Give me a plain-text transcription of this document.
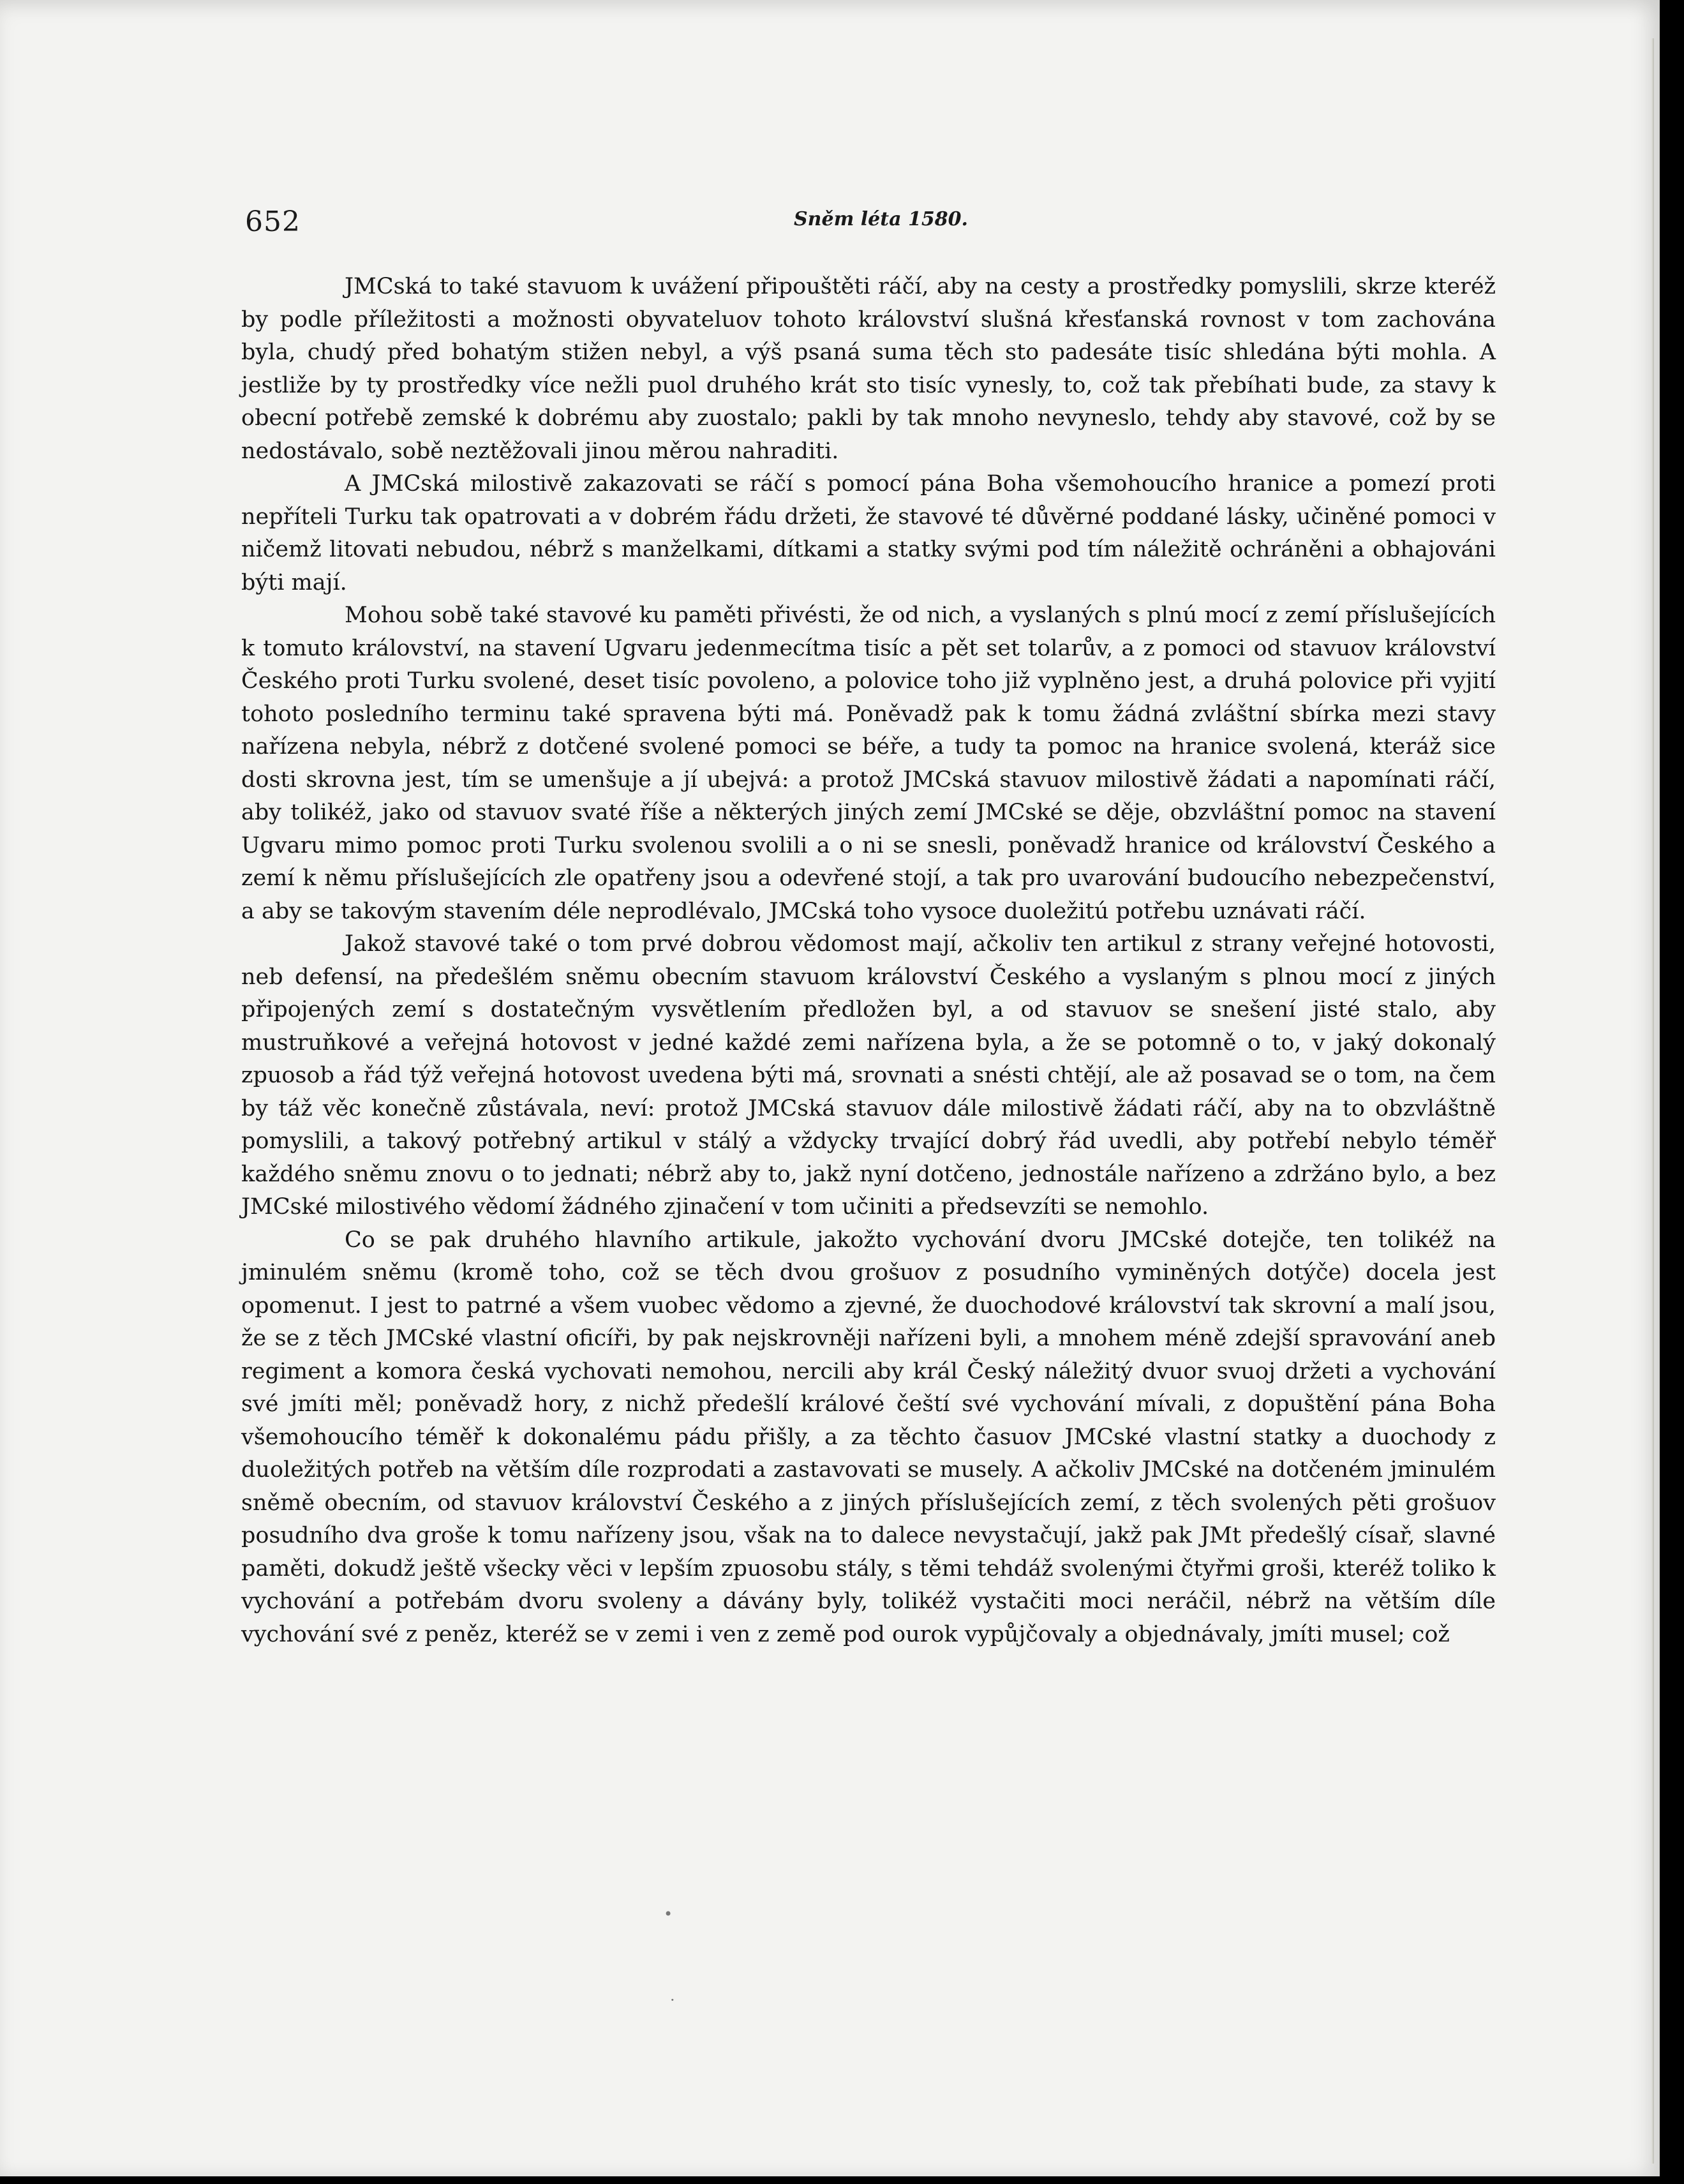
652	Sněm léta 1580.

JMCská to také stavuom k uvážení připouštěti ráčí, aby na cesty a prostředky pomyslili, skrze kteréž by podle příležitosti a možnosti obyvateluov tohoto království slušná křesťanská rovnost v tom zachována byla, chudý před bohatým stižen nebyl, a výš psaná suma těch sto padesáte tisíc shledána býti mohla. A jestliže by ty prostředky více nežli puol druhého krát sto tisíc vynesly, to, což tak přebíhati bude, za stavy k obecní potřebě zemské k dobrému aby zuostalo; pakli by tak mnoho nevyneslo, tehdy aby stavové, což by se nedostávalo, sobě neztěžovali jinou měrou nahraditi.

A JMCská milostivě zakazovati se ráčí s pomocí pána Boha všemohoucího hranice a pomezí proti nepříteli Turku tak opatrovati a v dobrém řádu držeti, že stavové té důvěrné poddané lásky, učiněné pomoci v ničemž litovati nebudou, nébrž s manželkami, dítkami a statky svými pod tím náležitě ochráněni a obhajováni býti mají.

Mohou sobě také stavové ku paměti přivésti, že od nich, a vyslaných s plnú mocí z zemí příslušejících k tomuto království, na stavení Ugvaru jedenmecítma tisíc a pět set tolarův, a z pomoci od stavuov království Českého proti Turku svolené, deset tisíc povoleno, a polovice toho již vyplněno jest, a druhá polovice při vyjití tohoto posledního terminu také spravena býti má. Poněvadž pak k tomu žádná zvláštní sbírka mezi stavy nařízena nebyla, nébrž z dotčené svolené pomoci se béře, a tudy ta pomoc na hranice svolená, kteráž sice dosti skrovna jest, tím se umenšuje a jí ubejvá: a protož JMCská stavuov milostivě žádati a napomínati ráčí, aby tolikéž, jako od stavuov svaté říše a některých jiných zemí JMCské se děje, obzvláštní pomoc na stavení Ugvaru mimo pomoc proti Turku svolenou svolili a o ni se snesli, poněvadž hranice od království Českého a zemí k němu příslušejících zle opatřeny jsou a odevřené stojí, a tak pro uvarování budoucího nebezpečenství, a aby se takovým stavením déle neprodlévalo, JMCská toho vysoce duoležitú potřebu uznávati ráčí.

Jakož stavové také o tom prvé dobrou vědomost mají, ačkoliv ten artikul z strany veřejné hotovosti, neb defensí, na předešlém sněmu obecním stavuom království Českého a vyslaným s plnou mocí z jiných připojených zemí s dostatečným vysvětlením předložen byl, a od stavuov se snešení jisté stalo, aby mustruňkové a veřejná hotovost v jedné každé zemi nařízena byla, a že se potomně o to, v jaký dokonalý zpuosob a řád týž veřejná hotovost uvedena býti má, srovnati a snésti chtějí, ale až posavad se o tom, na čem by táž věc konečně zůstávala, neví: protož JMCská stavuov dále milostivě žádati ráčí, aby na to obzvláštně pomyslili, a takový potřebný artikul v stálý a vždycky trvající dobrý řád uvedli, aby potřebí nebylo téměř každého sněmu znovu o to jednati; nébrž aby to, jakž nyní dotčeno, jednostále nařízeno a zdržáno bylo, a bez JMCské milostivého vědomí žádného zjinačení v tom učiniti a předsevzíti se nemohlo.

Co se pak druhého hlavního artikule, jakožto vychování dvoru JMCské dotejče, ten tolikéž na jminulém sněmu (kromě toho, což se těch dvou grošuov z posudního vyminěných dotýče) docela jest opomenut. I jest to patrné a všem vuobec vědomo a zjevné, že duochodové království tak skrovní a malí jsou, že se z těch JMCské vlastní oficíři, by pak nejskrovněji nařízeni byli, a mnohem méně zdejší spravování aneb regiment a komora česká vychovati nemohou, nercili aby král Český náležitý dvuor svuoj držeti a vychování své jmíti měl; poněvadž hory, z nichž předešlí králové čeští své vychování mívali, z dopuštění pána Boha všemohoucího téměř k dokonalému pádu přišly, a za těchto časuov JMCské vlastní statky a duochody z duoležitých potřeb na větším díle rozprodati a zastavovati se musely. A ačkoliv JMCské na dotčeném jminulém sněmě obecním, od stavuov království Českého a z jiných příslušejících zemí, z těch svolených pěti grošuov posudního dva groše k tomu nařízeny jsou, však na to dalece nevystačují, jakž pak JMt předešlý císař, slavné paměti, dokudž ještě všecky věci v lepším zpuosobu stály, s těmi tehdáž svolenými čtyřmi groši, kteréž toliko k vychování a potřebám dvoru svoleny a dávány byly, tolikéž vystačiti moci neráčil, nébrž na větším díle vychování své z peněz, kteréž se v zemi i ven z země pod ourok vypůjčovaly a objednávaly, jmíti musel; což

•
·
